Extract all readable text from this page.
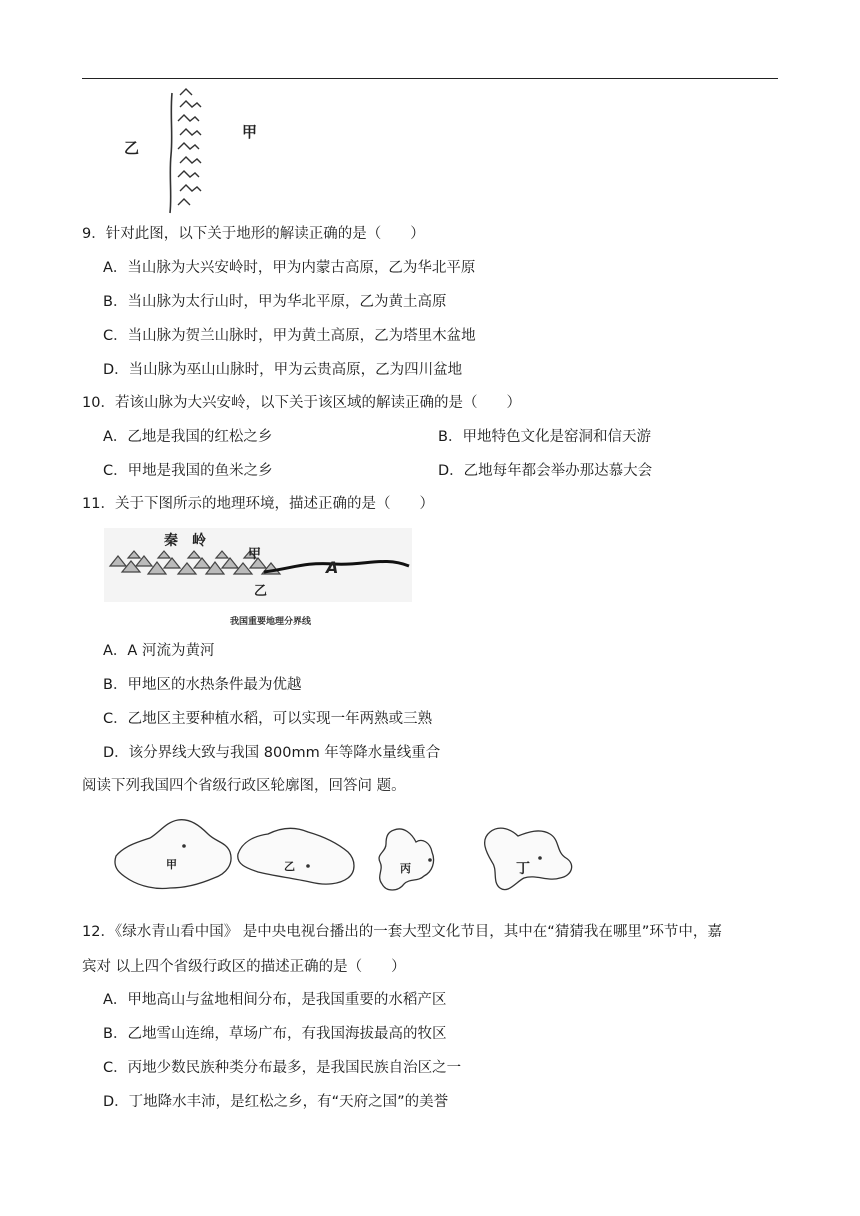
乙
甲
9．针对此图，以下关于地形的解读正确的是（　　）
A．当山脉为大兴安岭时，甲为内蒙古高原，乙为华北平原
B．当山脉为太行山时，甲为华北平原，乙为黄土高原
C．当山脉为贺兰山脉时，甲为黄土高原，乙为塔里木盆地
D．当山脉为巫山山脉时，甲为云贵高原，乙为四川盆地
10．若该山脉为大兴安岭，以下关于该区域的解读正确的是（　　）
A．乙地是我国的红松之乡	B．甲地特色文化是窑洞和信天游
C．甲地是我国的鱼米之乡	D．乙地每年都会举办那达慕大会
11．关于下图所示的地理环境，描述正确的是（　　）
秦　岭
甲
乙
A
我国重要地理分界线
A．A 河流为黄河
B．甲地区的水热条件最为优越
C．乙地区主要种植水稻，可以实现一年两熟或三熟
D．该分界线大致与我国 800mm 年等降水量线重合
阅读下列我国四个省级行政区轮廓图，回答问 题。
甲	乙	丙	丁
12．《绿水青山看中国》 是中央电视台播出的一套大型文化节目，其中在“猜猜我在哪里”环节中，嘉
宾对 以上四个省级行政区的描述正确的是（　　）
A．甲地高山与盆地相间分布，是我国重要的水稻产区
B．乙地雪山连绵，草场广布，有我国海拔最高的牧区
C．丙地少数民族种类分布最多，是我国民族自治区之一
D．丁地降水丰沛，是红松之乡，有“天府之国”的美誉
